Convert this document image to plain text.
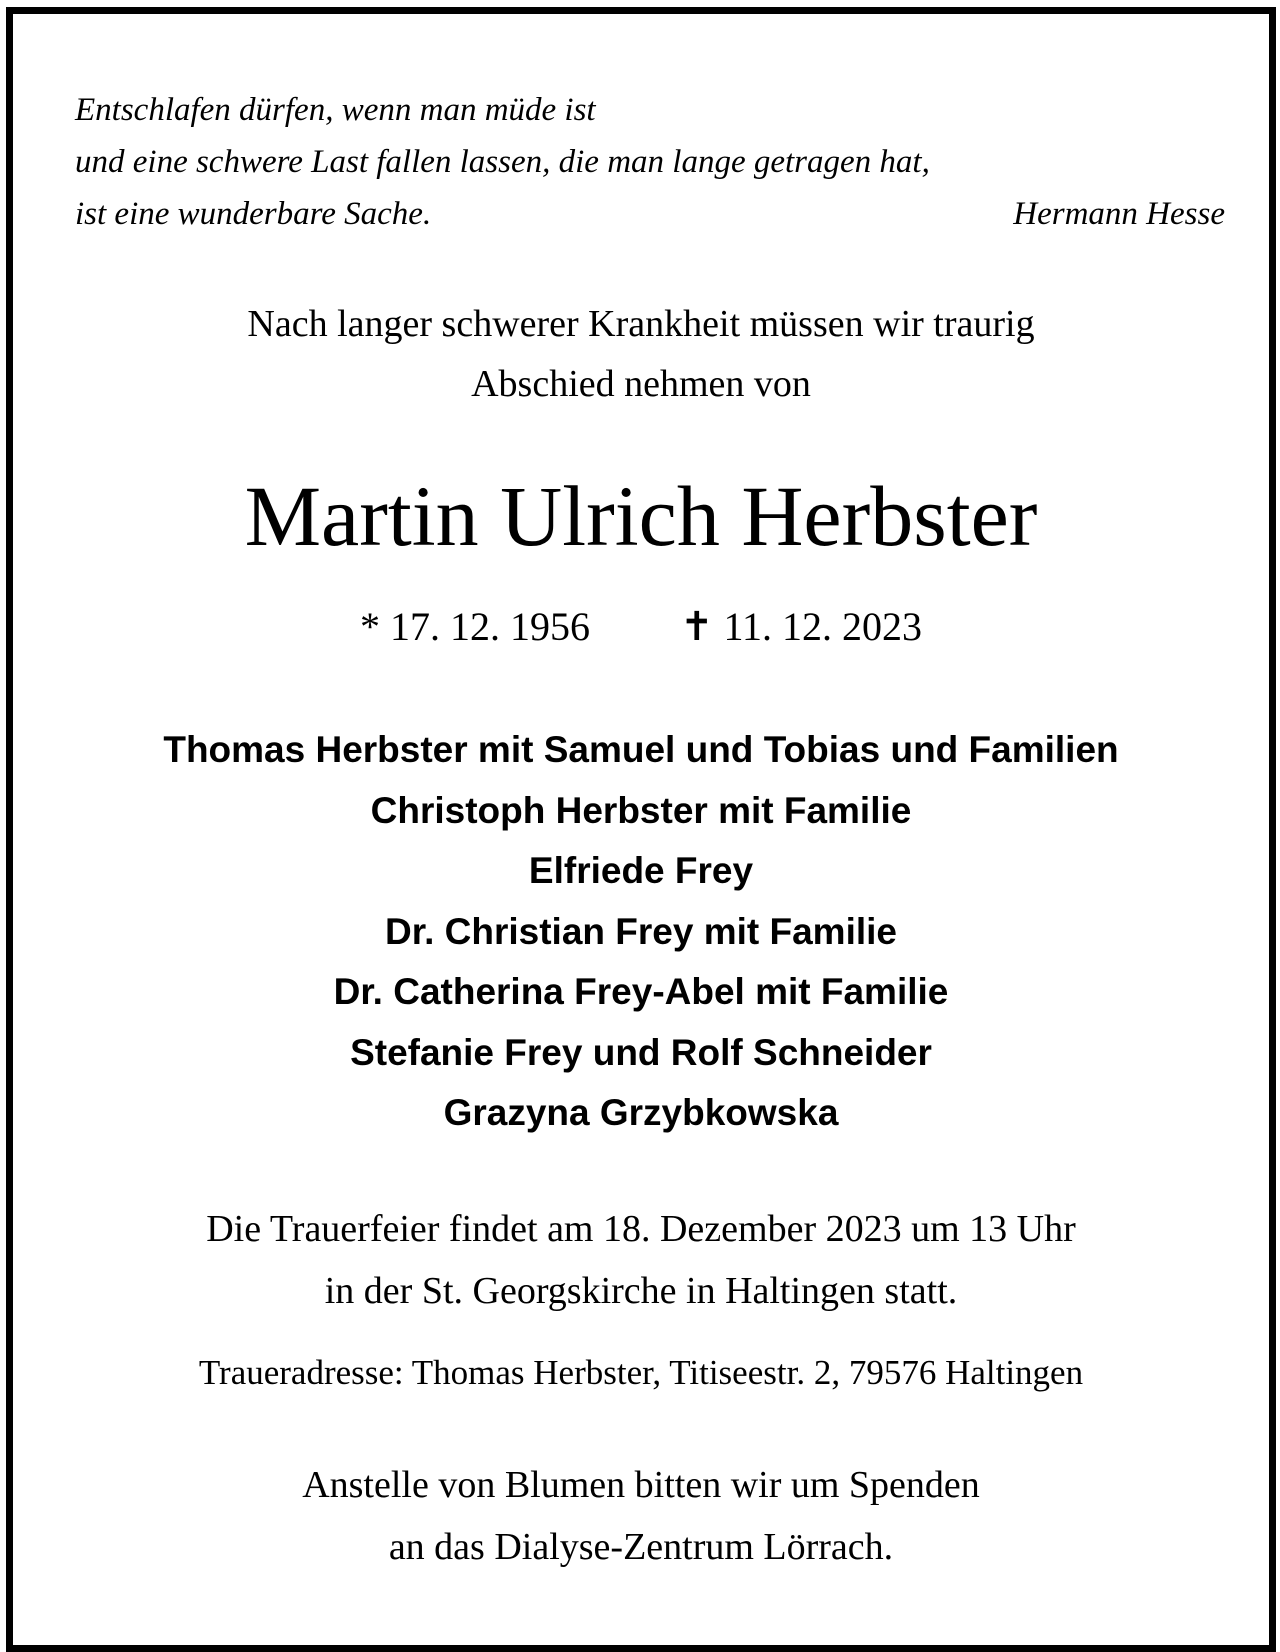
Entschlafen dürfen, wenn man müde ist
und eine schwere Last fallen lassen, die man lange getragen hat,
ist eine wunderbare Sache.	Hermann Hesse
Nach langer schwerer Krankheit müssen wir traurig
Abschied nehmen von
Martin Ulrich Herbster
* 17. 12. 1956 ✝ 11. 12. 2023
Thomas Herbster mit Samuel und Tobias und Familien
Christoph Herbster mit Familie
Elfriede Frey
Dr. Christian Frey mit Familie
Dr. Catherina Frey-Abel mit Familie
Stefanie Frey und Rolf Schneider
Grazyna Grzybkowska
Die Trauerfeier findet am 18. Dezember 2023 um 13 Uhr
in der St. Georgskirche in Haltingen statt.
Traueradresse: Thomas Herbster, Titiseestr. 2, 79576 Haltingen
Anstelle von Blumen bitten wir um Spenden
an das Dialyse-Zentrum Lörrach.
